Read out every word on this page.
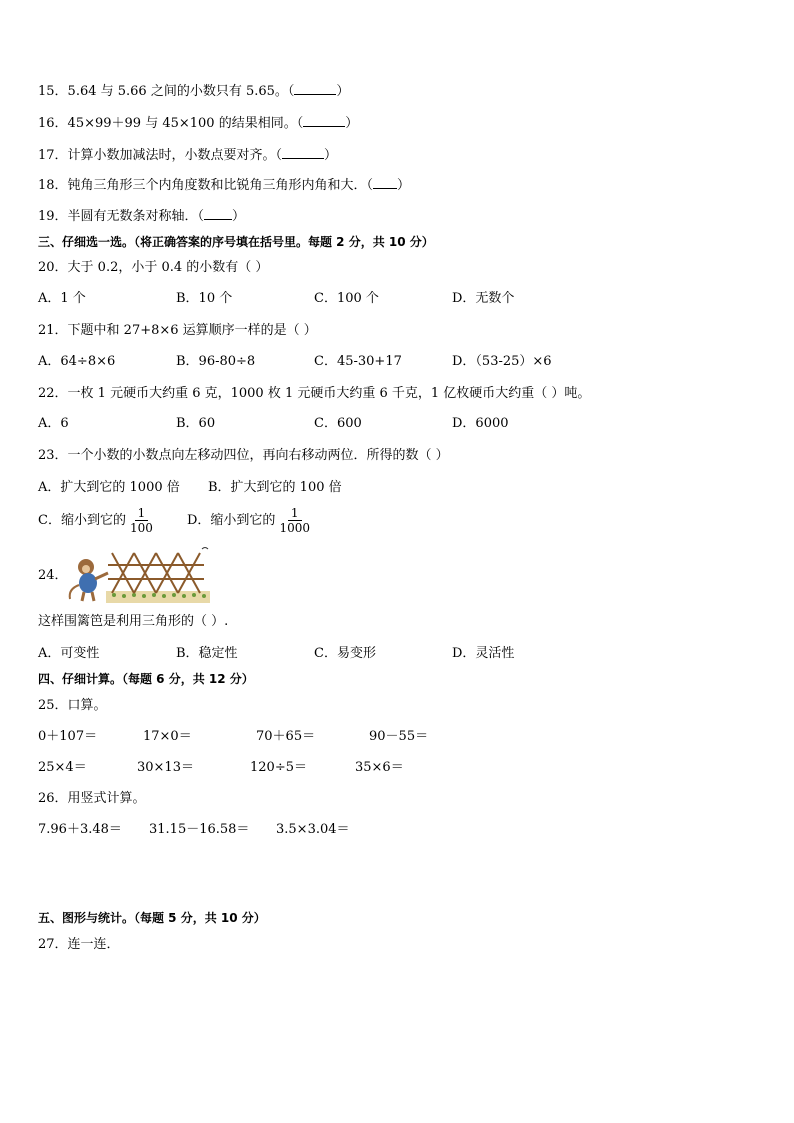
15．5.64 与 5.66 之间的小数只有 5.65。（	）
16．45×99＋99 与 45×100 的结果相同。（	）
17．计算小数加减法时，小数点要对齐。（	）
18．钝角三角形三个内角度数和比锐角三角形内角和大．（ ）
19．半圆有无数条对称轴．（ ）
三、仔细选一选。（将正确答案的序号填在括号里。每题 2 分，共 10 分）
20．大于 0.2，小于 0.4 的小数有（ ）
A．1 个	B．10 个	C．100 个	D．无数个
21．下题中和 27+8×6 运算顺序一样的是（ ）
A．64÷8×6	B．96-80÷8	C．45-30+17	D．（53-25）×6
22．一枚 1 元硬币大约重 6 克，1000 枚 1 元硬币大约重 6 千克，1 亿枚硬币大约重（ ）吨。
A．6	B．60	C．600	D．6000
23．一个小数的小数点向左移动四位，再向右移动两位．所得的数（ ）
A．扩大到它的 1000 倍 B．扩大到它的 100 倍
C．缩小到它的 $\frac{1}{100}$ D．缩小到它的 $\frac{1}{1000}$
24．
这样围篱笆是利用三角形的（ ）.
A．可变性	B．稳定性	C．易变形	D．灵活性
四、仔细计算。（每题 6 分，共 12 分）
25．口算。
0＋107＝	17×0＝	70＋65＝	90－55＝
25×4＝	30×13＝	120÷5＝	35×6＝
26．用竖式计算。
7.96＋3.48＝ 31.15－16.58＝ 3.5×3.04＝
五、图形与统计。（每题 5 分，共 10 分）
27．连一连．
